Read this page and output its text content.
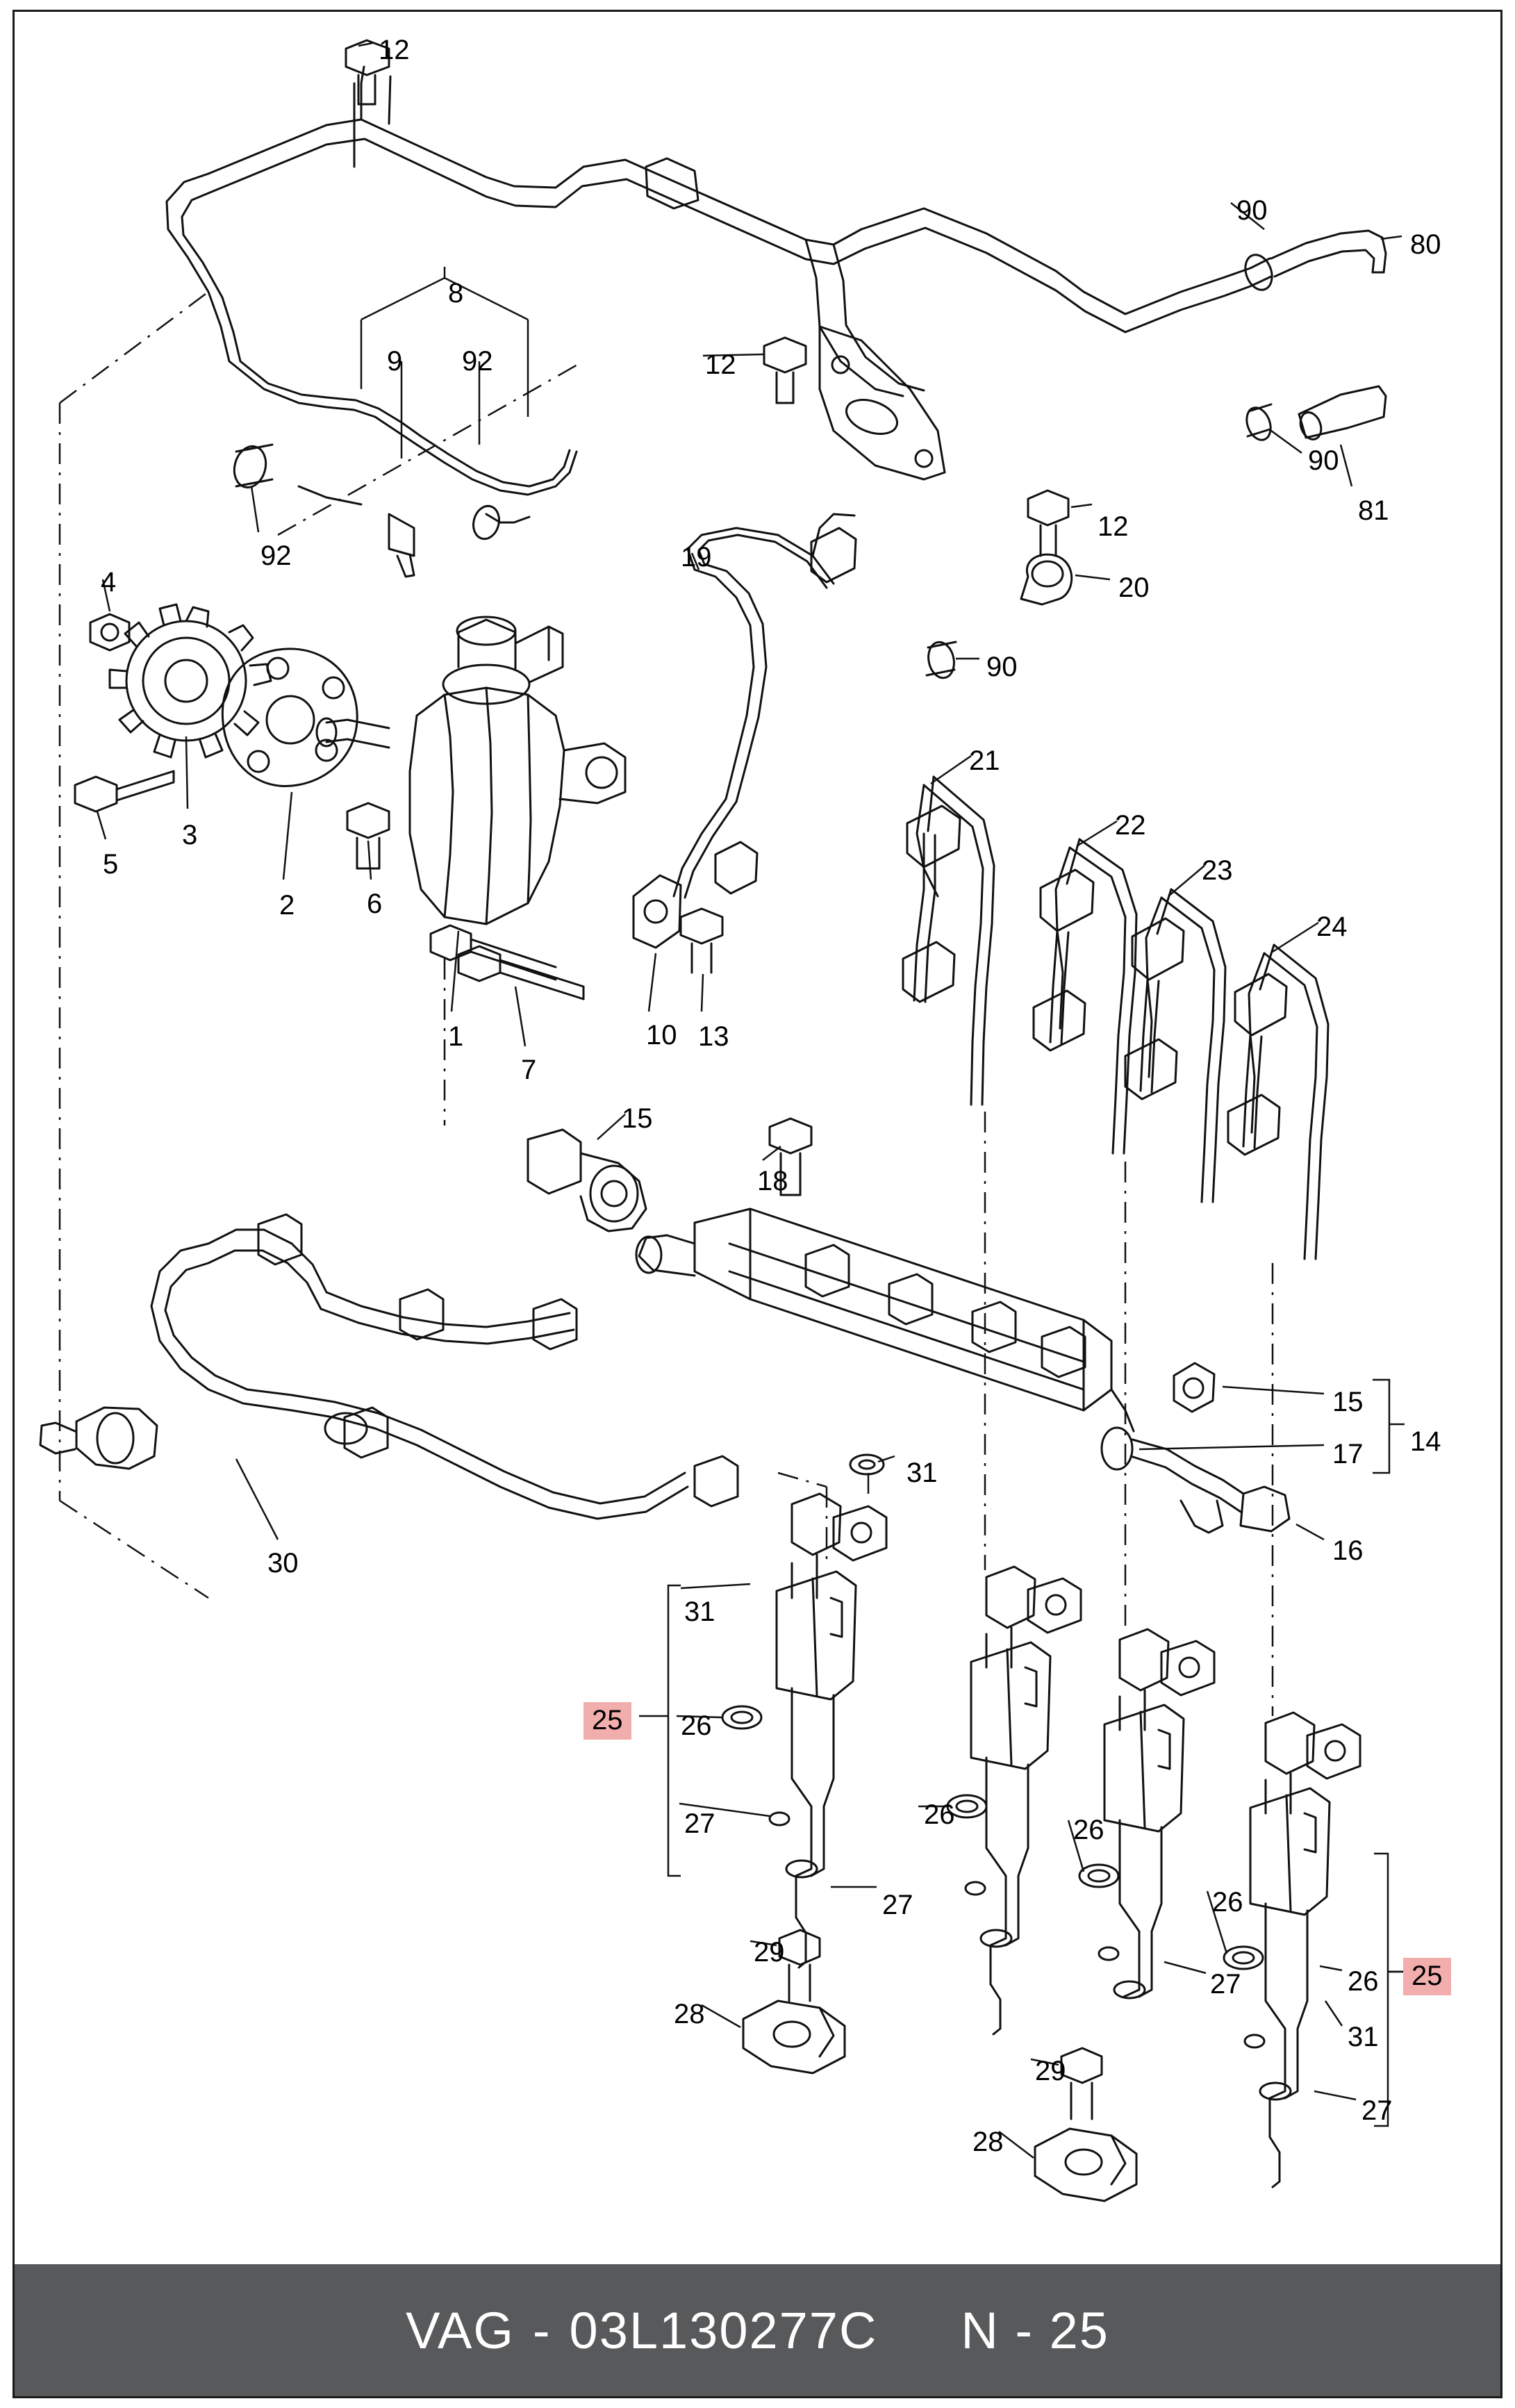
12
90
80
8
9 92	12
90
81
92	19
12
20
4
90
3
5
2	6
21
22
23
24
1
7
10 13
15
18
31
15
14
17
16
30
31
25	26
26
27	26
27
29
26
26	25
28
27
31
29
27
28
VAG - 03L130277C N - 25
